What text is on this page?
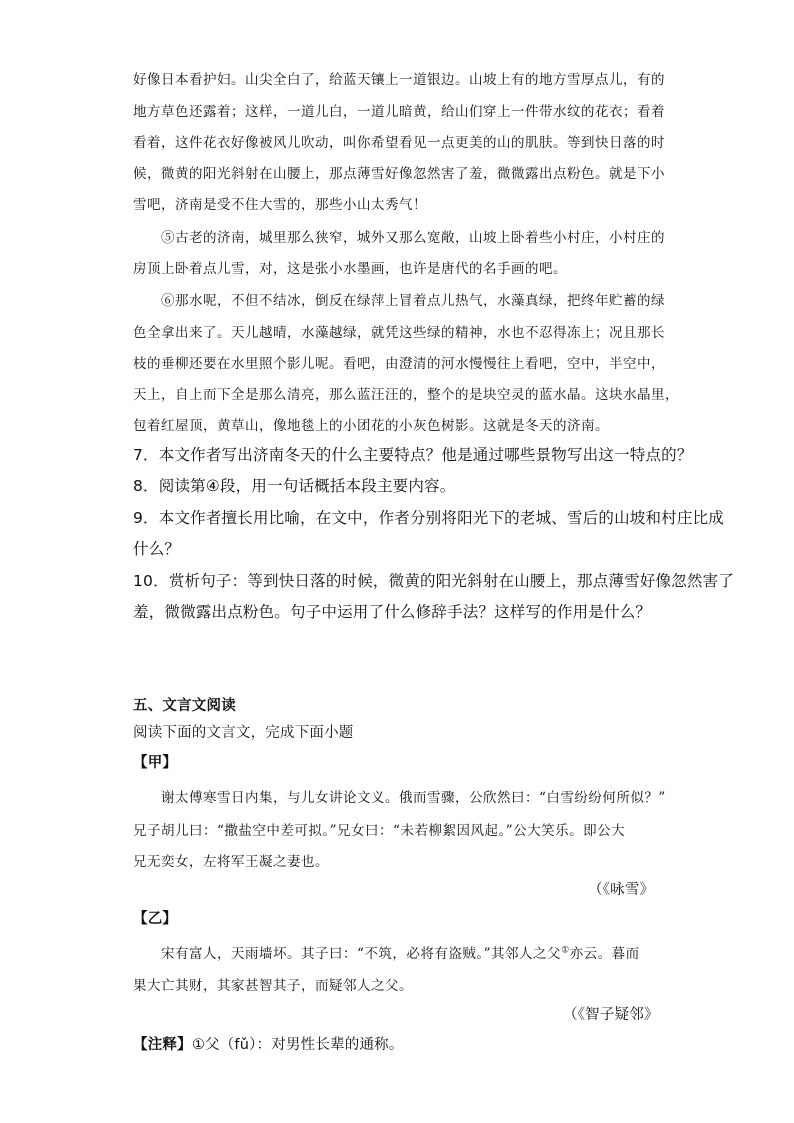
好像日本看护妇。山尖全白了，给蓝天镶上一道银边。山坡上有的地方雪厚点儿，有的
地方草色还露着；这样，一道儿白，一道儿暗黄，给山们穿上一件带水纹的花衣；看着
看着，这件花衣好像被风儿吹动，叫你希望看见一点更美的山的肌肤。等到快日落的时
候，微黄的阳光斜射在山腰上，那点薄雪好像忽然害了羞，微微露出点粉色。就是下小
雪吧，济南是受不住大雪的，那些小山太秀气！
⑤古老的济南，城里那么狭窄，城外又那么宽敞，山坡上卧着些小村庄，小村庄的
房顶上卧着点儿雪，对，这是张小水墨画，也许是唐代的名手画的吧。
⑥那水呢，不但不结冰，倒反在绿萍上冒着点儿热气，水藻真绿，把终年贮蓄的绿
色全拿出来了。天儿越晴，水藻越绿，就凭这些绿的精神，水也不忍得冻上；况且那长
枝的垂柳还要在水里照个影儿呢。看吧，由澄清的河水慢慢往上看吧，空中，半空中，
天上，自上而下全是那么清亮，那么蓝汪汪的，整个的是块空灵的蓝水晶。这块水晶里，
包着红屋顶，黄草山，像地毯上的小团花的小灰色树影。这就是冬天的济南。
7．本文作者写出济南冬天的什么主要特点？他是通过哪些景物写出这一特点的？
8．阅读第④段，用一句话概括本段主要内容。
9．本文作者擅长用比喻，在文中，作者分别将阳光下的老城、雪后的山坡和村庄比成
什么？
10．赏析句子：等到快日落的时候，微黄的阳光斜射在山腰上，那点薄雪好像忽然害了
羞，微微露出点粉色。句子中运用了什么修辞手法？这样写的作用是什么？
五、文言文阅读
阅读下面的文言文，完成下面小题
【甲】
谢太傅寒雪日内集，与儿女讲论文义。俄而雪骤，公欣然曰：“白雪纷纷何所似？”
兄子胡儿曰：“撒盐空中差可拟。”兄女曰：“未若柳絮因风起。”公大笑乐。即公大
兄无奕女，左将军王凝之妻也。
（《咏雪》
【乙】
宋有富人，天雨墙坏。其子曰：“不筑，必将有盗贼。”其邻人之父①亦云。暮而
果大亡其财，其家甚智其子，而疑邻人之父。
（《智子疑邻》
【注释】①父（fǔ）：对男性长辈的通称。
